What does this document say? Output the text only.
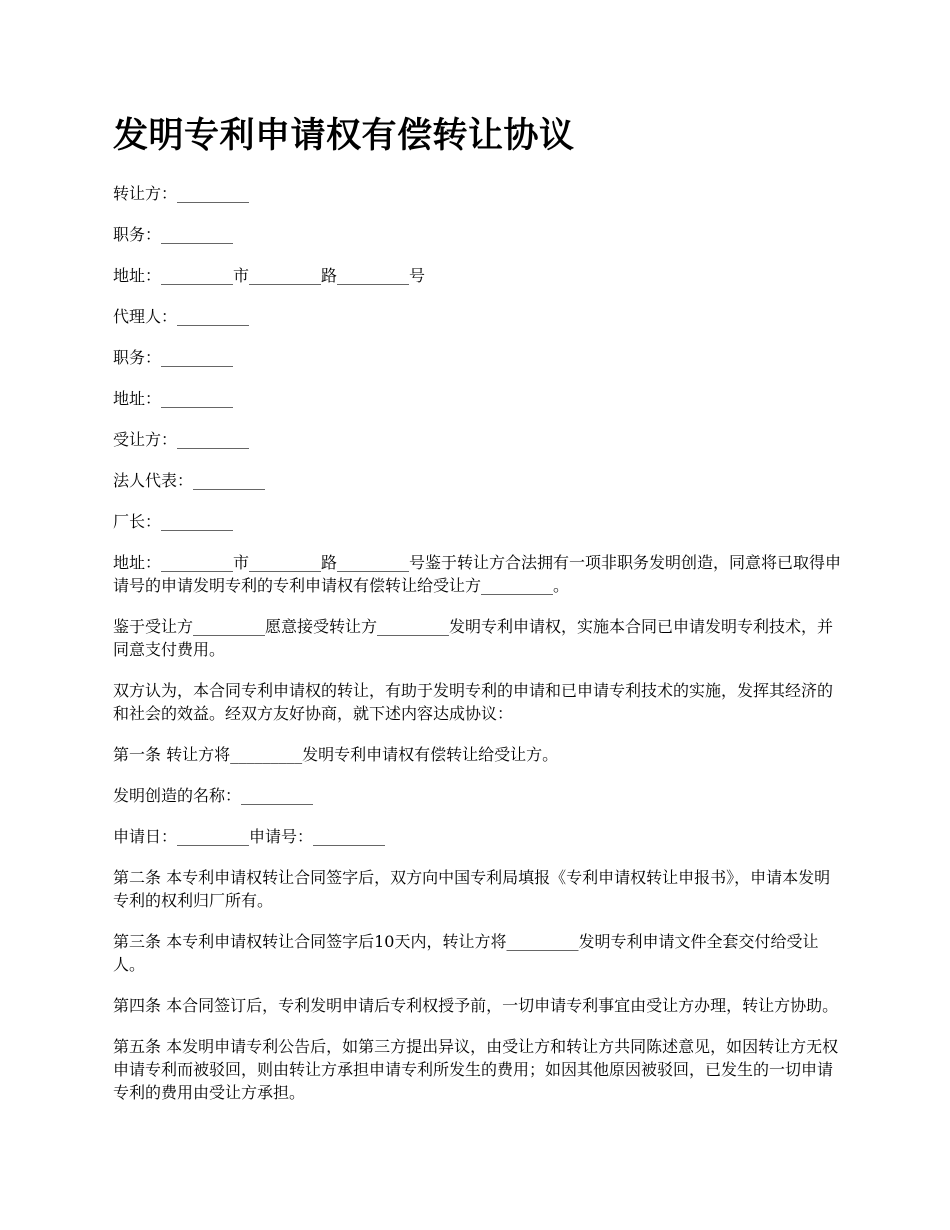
发明专利申请权有偿转让协议

转让方：_________

职务：_________

地址：_________市_________路_________号

代理人：_________

职务：_________

地址：_________

受让方：_________

法人代表：_________

厂长：_________

地址：_________市_________路_________号鉴于转让方合法拥有一项非职务发明创造，同意将已取得申请号的申请发明专利的专利申请权有偿转让给受让方_________。

鉴于受让方_________愿意接受转让方_________发明专利申请权，实施本合同已申请发明专利技术，并同意支付费用。

双方认为，本合同专利申请权的转让，有助于发明专利的申请和已申请专利技术的实施，发挥其经济的和社会的效益。经双方友好协商，就下述内容达成协议：

第一条 转让方将_________发明专利申请权有偿转让给受让方。

发明创造的名称：_________

申请日：_________申请号：_________

第二条 本专利申请权转让合同签字后，双方向中国专利局填报《专利申请权转让申报书》，申请本发明专利的权利归厂所有。

第三条 本专利申请权转让合同签字后10天内，转让方将_________发明专利申请文件全套交付给受让人。

第四条 本合同签订后，专利发明申请后专利权授予前，一切申请专利事宜由受让方办理，转让方协助。

第五条 本发明申请专利公告后，如第三方提出异议，由受让方和转让方共同陈述意见，如因转让方无权申请专利而被驳回，则由转让方承担申请专利所发生的费用；如因其他原因被驳回，已发生的一切申请专利的费用由受让方承担。
